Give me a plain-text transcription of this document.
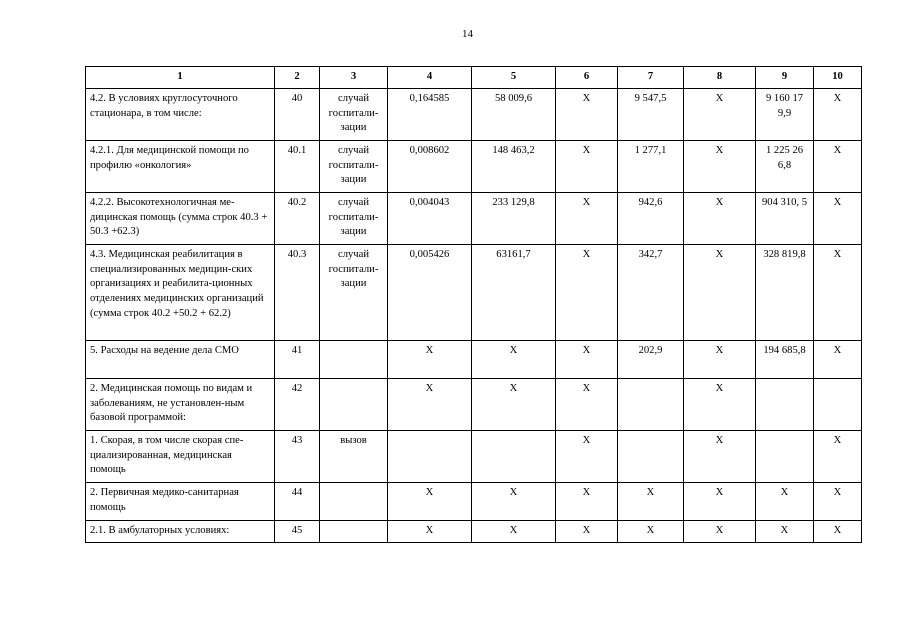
14
1	2	3	4	5	6	7	8	9	10
4.2. В условиях круглосуточного стационара, в том числе:	40	случай госпитали-зации	0,164585	58 009,6	Х	9 547,5	Х	9 160 17 9,9	Х
4.2.1. Для медицинской помощи по профилю «онкология»	40.1	случай госпитали-зации	0,008602	148 463,2	Х	1 277,1	Х	1 225 26 6,8	Х
4.2.2. Высокотехнологичная ме-дицинская помощь (сумма строк 40.3 + 50.3 +62.3)	40.2	случай госпитали-зации	0,004043	233 129,8	Х	942,6	Х	904 310, 5	Х
4.3. Медицинская реабилитация в специализированных медицин-ских организациях и реабилита-ционных отделениях медицинских организаций (сумма строк 40.2 +50.2 + 62.2)	40.3	случай госпитали-зации	0,005426	63161,7	Х	342,7	Х	328 819,8	Х
5. Расходы на ведение дела СМО	41		Х	Х	Х	202,9	Х	194 685,8	Х
2. Медицинская помощь по видам и заболеваниям, не установлен-ным базовой программой:	42		Х	Х	Х		Х		
1. Скорая, в том числе скорая спе-циализированная, медицинская помощь	43	вызов			Х		Х		Х
2. Первичная медико-санитарная помощь	44		Х	Х	Х	Х	Х	Х	Х
2.1. В амбулаторных условиях:	45		Х	Х	Х	Х	Х	Х	Х
